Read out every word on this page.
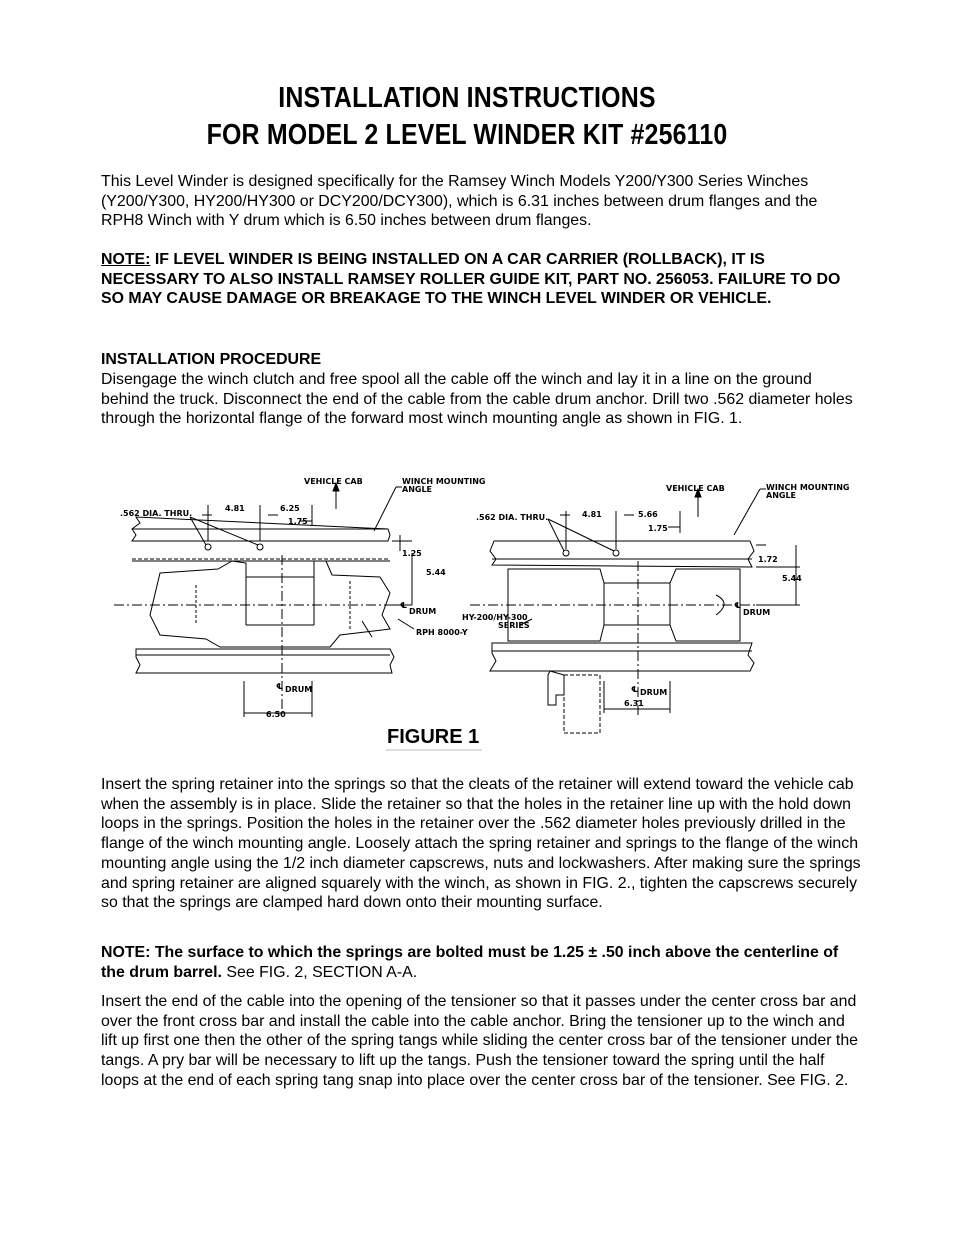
INSTALLATION INSTRUCTIONS
FOR MODEL 2 LEVEL WINDER KIT #256110

This Level Winder is designed specifically for the Ramsey Winch Models Y200/Y300 Series Winches (Y200/Y300, HY200/HY300 or DCY200/DCY300), which is 6.31 inches between drum flanges and the RPH8 Winch with Y drum which is 6.50 inches between drum flanges.

NOTE: IF LEVEL WINDER IS BEING INSTALLED ON A CAR CARRIER (ROLLBACK), IT IS NECESSARY TO ALSO INSTALL RAMSEY ROLLER GUIDE KIT, PART NO. 256053. FAILURE TO DO SO MAY CAUSE DAMAGE OR BREAKAGE TO THE WINCH LEVEL WINDER OR VEHICLE.

INSTALLATION PROCEDURE

Disengage the winch clutch and free spool all the cable off the winch and lay it in a line on the ground behind the truck. Disconnect the end of the cable from the cable drum anchor. Drill two .562 diameter holes through the horizontal flange of the forward most winch mounting angle as shown in FIG. 1.

VEHICLE CAB	WINCH MOUNTING
ANGLE
.562 DIA. THRU.
4.81	6.25
1.75
1.25
5.44
℄
DRUM
RPH 8000-Y
℄ DRUM
6.50
VEHICLE CAB	WINCH MOUNTING
ANGLE
.562 DIA. THRU.	4.81	5.66
1.75
1.72
5.44
℄
DRUM
HY-200/HY-300
SERIES
℄ DRUM
6.31
FIGURE 1

Insert the spring retainer into the springs so that the cleats of the retainer will extend toward the vehicle cab when the assembly is in place. Slide the retainer so that the holes in the retainer line up with the hold down loops in the springs. Position the holes in the retainer over the .562 diameter holes previously drilled in the flange of the winch mounting angle. Loosely attach the spring retainer and springs to the flange of the winch mounting angle using the 1/2 inch diameter capscrews, nuts and lockwashers. After making sure the springs and spring retainer are aligned squarely with the winch, as shown in FIG. 2., tighten the capscrews securely so that the springs are clamped hard down onto their mounting surface.

NOTE: The surface to which the springs are bolted must be 1.25 ± .50 inch above the centerline of the drum barrel. See FIG. 2, SECTION A-A.

Insert the end of the cable into the opening of the tensioner so that it passes under the center cross bar and over the front cross bar and install the cable into the cable anchor. Bring the tensioner up to the winch and lift up first one then the other of the spring tangs while sliding the center cross bar of the tensioner under the tangs. A pry bar will be necessary to lift up the tangs. Push the tensioner toward the spring until the half loops at the end of each spring tang snap into place over the center cross bar of the tensioner. See FIG. 2.
